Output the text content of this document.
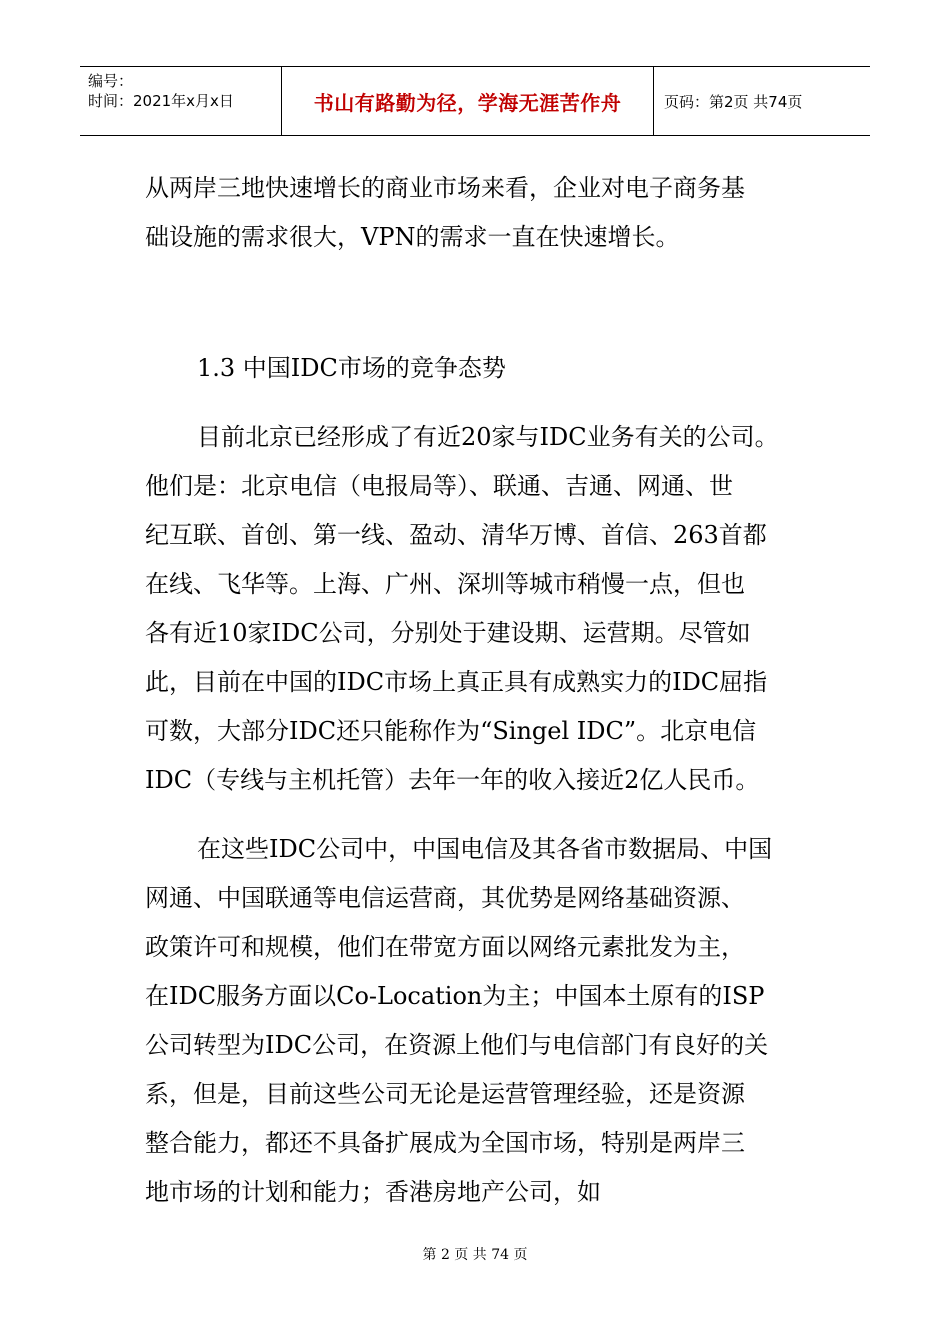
编号：
时间：2021年x月x日	书山有路勤为径，学海无涯苦作舟	页码：第2页 共74页

从两岸三地快速增长的商业市场来看，企业对电子商务基
础设施的需求很大，VPN的需求一直在快速增长。

1.3 中国IDC市场的竞争态势

目前北京已经形成了有近20家与IDC业务有关的公司。
他们是：北京电信（电报局等）、联通、吉通、网通、世
纪互联、首创、第一线、盈动、清华万博、首信、263首都
在线、飞华等。上海、广州、深圳等城市稍慢一点，但也
各有近10家IDC公司，分别处于建设期、运营期。尽管如
此，目前在中国的IDC市场上真正具有成熟实力的IDC屈指
可数，大部分IDC还只能称作为“Singel IDC”。北京电信
IDC（专线与主机托管）去年一年的收入接近2亿人民币。

在这些IDC公司中，中国电信及其各省市数据局、中国
网通、中国联通等电信运营商，其优势是网络基础资源、
政策许可和规模，他们在带宽方面以网络元素批发为主，
在IDC服务方面以Co-Location为主；中国本土原有的ISP
公司转型为IDC公司，在资源上他们与电信部门有良好的关
系，但是，目前这些公司无论是运营管理经验，还是资源
整合能力，都还不具备扩展成为全国市场，特别是两岸三
地市场的计划和能力；香港房地产公司，如

第 2 页 共 74 页
